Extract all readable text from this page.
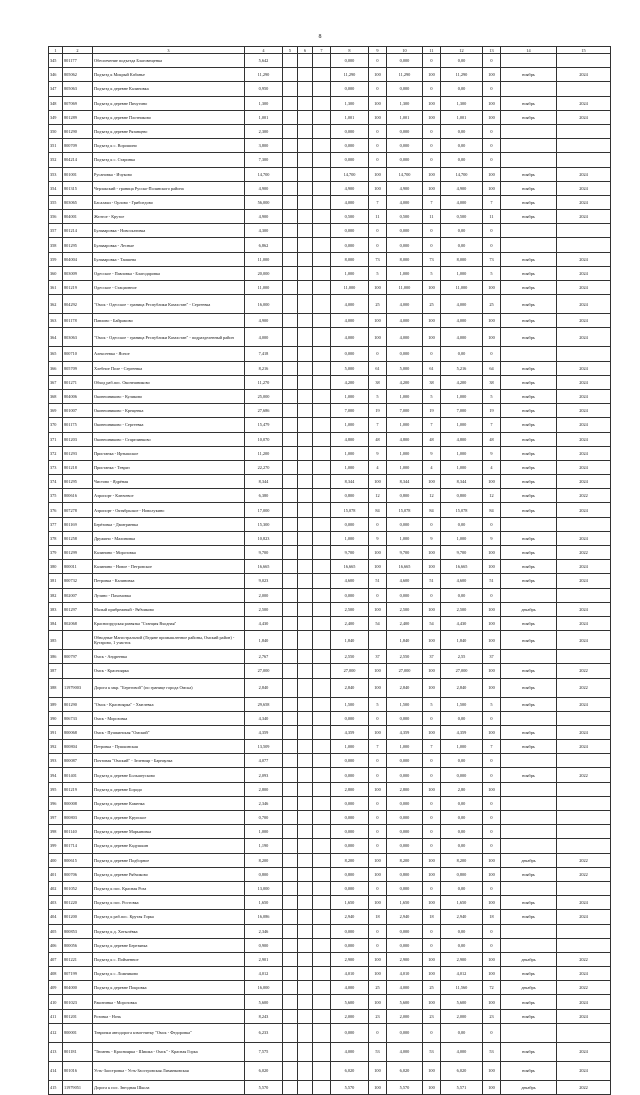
8
1	2	3	4	5	6	7	8	9	10	11	12	13	14	15
345	801177	Обеспечение подъезда Благовещенка	5,642				0,000	0	0,000	0	0,00	0		
346	805062	Подъезд к Мокрый Кабанье	11,290				11,290	100	11,290	100	11,290	100	ноябрь	2024
347	805063	Подъезд к деревне Калиновка	0,950				0,000	0	0,000	0	0,00	0		
348	807069	Подъезд к деревне Пичугино	1,300				1,300	100	1,300	100	1,300	100	ноябрь	2024
349	801289	Подъезд к деревне Плотниково	1,001				1,001	100	1,001	100	1,001	100	ноябрь	2024
350	801290	Подъезд к деревне Рязанцево	2,300				0,000	0	0,000	0	0,00	0		
351	800709	Подъезд к с. Ворошино	3,800				0,000	0	0,000	0	0,00	0		
352	804214	Подъезд к с. Старинка	7,300				0,000	0	0,000	0	0,00	0		
353	801001	Русановка - Ичуково	14,700				14,700	100	14,700	100	14,700	100	ноябрь	2024
354	801315	Черлакский - граница Русско-Полянского района	4,900				4,900	100	4,900	100	4,900	100	ноябрь	2024
355	803065	Басалаки - Орлово - Грибоедово	56,000				4,000	7	4,000	7	4,000	7	ноябрь	2024
356	804001	Желтое - Крутое	4,900				0,500	11	0,500	11	0,500	11	ноябрь	2024
357	801214	Бульваровка - Новоскатовка	4,300				0,000	0	0,000	0	0,00	0		
358	801295	Бульваровка - Лесные	6,862				0,000	0	0,000	0	0,00	0		
359	804004	Бульваровка - Таишева	11,000				8,000	73	8,000	73	8,000	73	ноябрь	2024
360	803009	Одесское - Павловка - Благодаровка	20,000				1,000	5	1,000	5	1,000	5	ноябрь	2024
361	801219	Одесское - Стационное	11,000				11,000	100	11,000	100	11,000	100	ноябрь	2024
362	804292	"Омск - Одесское - граница Республики Казахстан" - Сергеевка	16,000				4,000	25	4,000	25	4,000	25	ноябрь	2024
363	801178	Павлово - Байрамово	4,900				4,000	100	4,000	100	4,000	100	ноябрь	2024
364	803063	"Омск - Одесское - граница Республики Казахстан" - подразделенный район	4,000				4,000	100	4,000	100	4,000	100	ноябрь	2024
365	800710	Алексеевка - Ясное	7,418				0,000	0	0,000	0	0,00	0		
366	805709	Хлебное Поле - Сергеевка	8,216				5,000	61	5,000	61	5,216	64	ноябрь	2024
367	801271	Обход раб.пос. Оконешниково	11,270				4,200	38	4,200	38	4,200	38	ноябрь	2024
368	804006	Оконешниково - Куликово	25,000				1,000	5	1,000	5	1,000	5	ноябрь	2024
369	801007	Оконешниково - Крещенка	27,686				7,000	19	7,000	19	7,000	19	ноябрь	2024
370	801175	Оконешниково - Сергеевка	15,479				1,000	7	1,000	7	1,000	7	ноябрь	2024
371	801203	Оконешниково - Старелинково	10,070				4,800	48	4,800	48	4,800	48	ноябрь	2024
372	801293	Пристанка - Иртышское	11,200				1,000	9	1,000	9	1,000	9	ноябрь	2024
373	801218	Пристанка - Тевриз	22,270				1,000	4	1,000	4	1,000	4	ноябрь	2024
374	801295	Чистово - Ядрёная	8,344				8,344	100	8,344	100	8,344	100	ноябрь	2024
375	800616	Аэропорт - Ключевое	6,380				0,800	12	0,800	12	0,800	12	ноябрь	2022
376	807278	Аэропорт - Октябрьское - Новолукино	17,000				15,078	84	15,078	84	15,078	84	ноябрь	2024
377	801169	Берёзовка - Дмитриевка	15,300				0,000	0	0,000	0	0,00	0		
378	801258	Дружино - Малиновка	10,823				1,000	9	1,000	9	1,000	9	ноябрь	2024
379	801299	Калинино - Морозовка	9,700				9,700	100	9,700	100	9,700	100	ноябрь	2022
380	800011	Калинино - Новое - Петровское	16,665				16,665	100	16,665	100	16,665	100	ноябрь	2024
381	800732	Петровка - Калиновка	9,023				4,600	51	4,600	51	4,600	51	ноябрь	2024
382	802007	Лузино - Пахомовка	2,000				0,000	0	0,000	0	0,00	0		
383	801297	Малый прибрежный - Рябчиково	2,500				2,500	100	2,500	100	2,500	100	декабрь	2024
384	802068	Краснопрудская развязка "Станция Входная"	4,430				2,400	54	2,400	54	4,430	100	ноябрь	2024
385		Обводные Магистральной (Ледяне промышленное районы, Омский район) - Кутарово, 1 участок	1,840				1,840		1,840	100	1,840	100	ноябрь	2024
386	800797	Омск - Андреевка	2,767				2,550	37	2,550	37	2,55	37		
387		Омск - Красноярка	27,000				27,000	100	27,000	100	27,000	100	ноябрь	2022
388	11979003	Дорога к мкр. "Береговой" (по границе города Омска)	2,840				2,840	100	2,840	100	2,840	100	ноябрь	2022
389	801290	"Омск - Красноярка" - Хмелевка	29,658				1,500	5	1,500	5	1,500	5	ноябрь	2024
390	806733	Омск - Морозовка	4,340				0,000	0	0,000	0	0,00	0		
391	800068	Омск - Пушкинская "Омский"	4,359				4,359	100	4,359	100	4,359	100	ноябрь	2024
392	800804	Петровка - Пушкинская	13,509				1,000	7	1,000	7	1,000	7	ноябрь	2024
393	800087	Почтовая "Омский" - Зеленояр - Барнаулка	4,077				0,000	0	0,000	0	0,00	0		
394	801401	Подъезд к деревне Большеусково	2,093				0,000	0	0,000	0	0,000	0	ноябрь	2022
395	801219	Подъезд к деревне Бородо	2,800				2,800	100	2,800	100	2,80	100		
396	800008	Подъезд к деревне Каменка	2,346				0,000	0	0,000	0	0,00	0		
397	800803	Подъезд к деревне Крупское	0,700				0,000	0	0,000	0	0,00	0		
398	801140	Подъезд к деревне Марьяновка	1,000				0,000	0	0,000	0	0,00	0		
399	801714	Подъезд к деревне Кадушкин	1,190				0,000	0	0,000	0	0,00	0		
400	800615	Подъезд к деревне Подборное	8,200				8,200	100	8,200	100	8,200	100	декабрь	2022
401	800706	Подъезд к деревне Рябчиково	0,800				0,800	100	0,800	100	0,800	100	ноябрь	2022
402	801052	Подъезд к пос. Красная Роза	13,000				0,000	0	0,000	0	0,00	0		
403	801220	Подъезд к пос. Ростовка	1,650				1,650	100	1,650	100	1,650	100	ноябрь	2024
404	801200	Подъезд к раб.пос. Крутая Горка	16,086				2,940	18	2,940	18	2,940	18	ноябрь	2024
405	800853	Подъезд к д. Хотылёвка	2,346				0,000	0	0,000	0	0,00	0		
406	800056	Подъезд к деревне Березянка	0,900				0,000	0	0,000	0	0,00	0		
407	801221	Подъезд к с. Пойменное	2,901				2,900	100	2,900	100	2,900	100	декабрь	2022
408	807199	Подъезд к с. Ложниково	4,012				4,010	100	4,010	100	4,012	100	ноябрь	2024
409	804000	Подъезд к деревне Покровка	16,000				4,000	25	4,000	25	11,560	72	декабрь	2022
410	801023	Ракитинка - Морозовка	5,600				5,600	100	5,600	100	5,600	100	ноябрь	2024
411	801201	Розовка - Ночь	8,243				2,000	23	2,000	23	2,000	23	ноябрь	2024
412	800001	Тевризки автодорога кэмп-нитку "Омск - Федоровка"	6,233				0,000	0	0,000	0	0,00	0		
413	801181	"Тюмень - Красноярка - Шишка - Омск" - Красная Горка	7,575				4,000	53	4,000	53	4,000	53	ноябрь	2024
414	801016	Усть-Заостровка - Усть-Заостровская Лиманковская	6,020				6,020	100	6,020	100	6,020	100	ноябрь	2024
415	11979051	Дорога к пос. Звездная Школа	5,570				5,570	100	5,570	100	5,571	100	декабрь	2022
